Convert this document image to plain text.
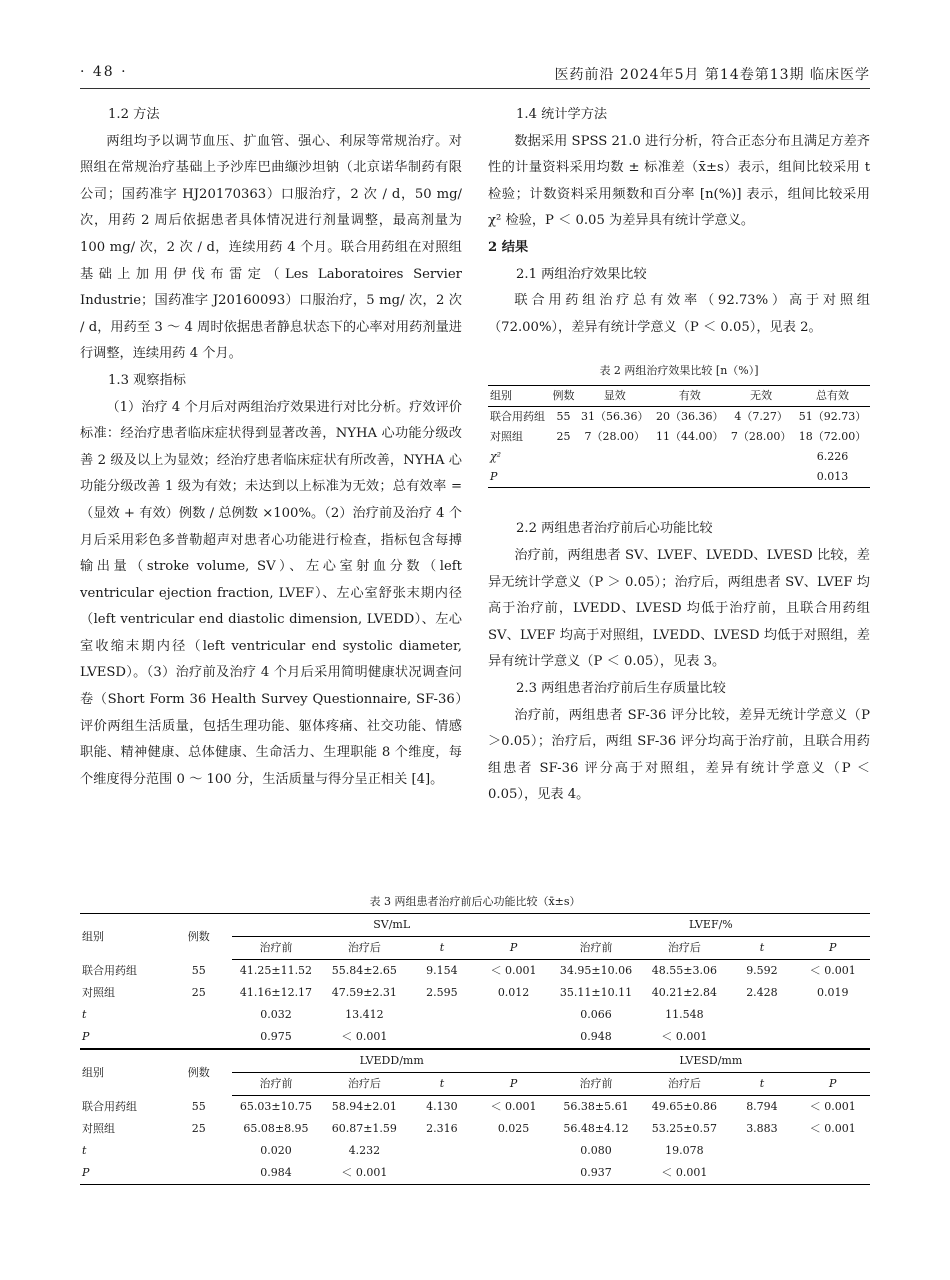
· 48 ·	医药前沿 2024年5月 第14卷第13期 临床医学

1.2 方法

两组均予以调节血压、扩血管、强心、利尿等常规治疗。对照组在常规治疗基础上予沙库巴曲缬沙坦钠（北京诺华制药有限公司；国药准字 HJ20170363）口服治疗，2 次 / d，50 mg/ 次，用药 2 周后依据患者具体情况进行剂量调整，最高剂量为 100 mg/ 次，2 次 / d，连续用药 4 个月。联合用药组在对照组基础上加用伊伐布雷定（Les Laboratoires Servier Industrie；国药准字 J20160093）口服治疗，5 mg/ 次，2 次 / d，用药至 3 ～ 4 周时依据患者静息状态下的心率对用药剂量进行调整，连续用药 4 个月。

1.3 观察指标

（1）治疗 4 个月后对两组治疗效果进行对比分析。疗效评价标准：经治疗患者临床症状得到显著改善，NYHA 心功能分级改善 2 级及以上为显效；经治疗患者临床症状有所改善，NYHA 心功能分级改善 1 级为有效；未达到以上标准为无效；总有效率 =（显效 + 有效）例数 / 总例数 ×100%。（2）治疗前及治疗 4 个月后采用彩色多普勒超声对患者心功能进行检查，指标包含每搏输出量（stroke volume, SV）、左心室射血分数（left ventricular ejection fraction, LVEF）、左心室舒张末期内径（left ventricular end diastolic dimension, LVEDD）、左心室收缩末期内径（left ventricular end systolic diameter, LVESD）。（3）治疗前及治疗 4 个月后采用简明健康状况调查问卷（Short Form 36 Health Survey Questionnaire, SF-36）评价两组生活质量，包括生理功能、躯体疼痛、社交功能、情感职能、精神健康、总体健康、生命活力、生理职能 8 个维度，每个维度得分范围 0 ～ 100 分，生活质量与得分呈正相关 [4]。

1.4 统计学方法

数据采用 SPSS 21.0 进行分析，符合正态分布且满足方差齐性的计量资料采用均数 ± 标准差（x̄±s）表示，组间比较采用 t 检验；计数资料采用频数和百分率 [n(%)] 表示，组间比较采用 χ² 检验，P ＜ 0.05 为差异具有统计学意义。

2 结果

2.1 两组治疗效果比较

联合用药组治疗总有效率（92.73%）高于对照组（72.00%），差异有统计学意义（P ＜ 0.05），见表 2。

表 2 两组治疗效果比较 [n（%）]
组别	例数	显效	有效	无效	总有效
联合用药组	55	31（56.36）	20（36.36）	4（7.27）	51（92.73）
对照组	25	7（28.00）	11（44.00）	7（28.00）	18（72.00）
χ²					6.226
P					0.013

2.2 两组患者治疗前后心功能比较

治疗前，两组患者 SV、LVEF、LVEDD、LVESD 比较，差异无统计学意义（P ＞ 0.05）；治疗后，两组患者 SV、LVEF 均高于治疗前，LVEDD、LVESD 均低于治疗前，且联合用药组 SV、LVEF 均高于对照组，LVEDD、LVESD 均低于对照组，差异有统计学意义（P ＜ 0.05），见表 3。

2.3 两组患者治疗前后生存质量比较

治疗前，两组患者 SF-36 评分比较，差异无统计学意义（P＞0.05）；治疗后，两组 SF-36 评分均高于治疗前，且联合用药组患者 SF-36 评分高于对照组，差异有统计学意义（P ＜ 0.05），见表 4。

表 3 两组患者治疗前后心功能比较（x̄±s）
组别	例数	SV/mL				LVEF/%			
		治疗前	治疗后	t	P	治疗前	治疗后	t	P
联合用药组	55	41.25±11.52	55.84±2.65	9.154	＜ 0.001	34.95±10.06	48.55±3.06	9.592	＜ 0.001
对照组	25	41.16±12.17	47.59±2.31	2.595	0.012	35.11±10.11	40.21±2.84	2.428	0.019
t		0.032	13.412			0.066	11.548		
P		0.975	＜ 0.001			0.948	＜ 0.001		
组别	例数	LVEDD/mm				LVESD/mm			
		治疗前	治疗后	t	P	治疗前	治疗后	t	P
联合用药组	55	65.03±10.75	58.94±2.01	4.130	＜ 0.001	56.38±5.61	49.65±0.86	8.794	＜ 0.001
对照组	25	65.08±8.95	60.87±1.59	2.316	0.025	56.48±4.12	53.25±0.57	3.883	＜ 0.001
t		0.020	4.232			0.080	19.078		
P		0.984	＜ 0.001			0.937	＜ 0.001		
